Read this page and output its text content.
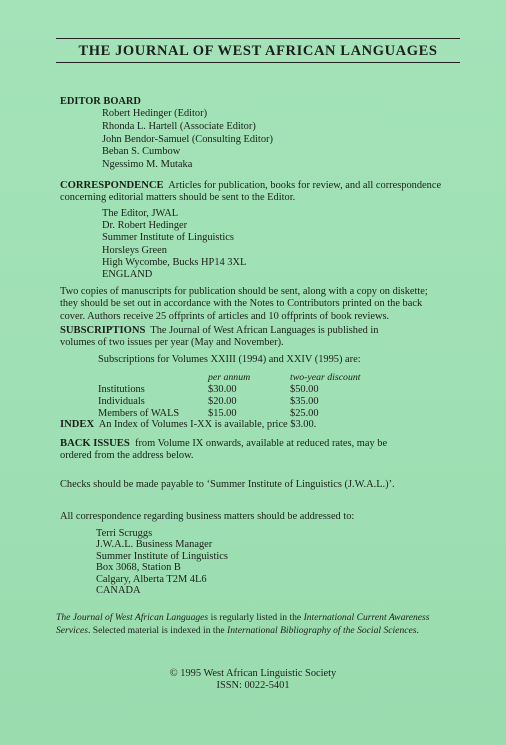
THE JOURNAL OF WEST AFRICAN LANGUAGES
EDITOR BOARD
Robert Hedinger (Editor)
Rhonda L. Hartell (Associate Editor)
John Bendor-Samuel (Consulting Editor)
Beban S. Cumbow
Ngessimo M. Mutaka
CORRESPONDENCE Articles for publication, books for review, and all correspondence
concerning editorial matters should be sent to the Editor.
The Editor, JWAL
Dr. Robert Hedinger
Summer Institute of Linguistics
Horsleys Green
High Wycombe, Bucks HP14 3XL
ENGLAND
Two copies of manuscripts for publication should be sent, along with a copy on diskette;
they should be set out in accordance with the Notes to Contributors printed on the back
cover. Authors receive 25 offprints of articles and 10 offprints of book reviews.
SUBSCRIPTIONS The Journal of West African Languages is published in
volumes of two issues per year (May and November).
Subscriptions for Volumes XXIII (1994) and XXIV (1995) are:
	per annum	two-year discount
Institutions	$30.00	$50.00
Individuals	$20.00	$35.00
Members of WALS	$15.00	$25.00
INDEX An Index of Volumes I-XX is available, price $3.00.
BACK ISSUES from Volume IX onwards, available at reduced rates, may be
ordered from the address below.
Checks should be made payable to ‘Summer Institute of Linguistics (J.W.A.L.)’.
All correspondence regarding business matters should be addressed to:
Terri Scruggs
J.W.A.L. Business Manager
Summer Institute of Linguistics
Box 3068, Station B
Calgary, Alberta T2M 4L6
CANADA
The Journal of West African Languages is regularly listed in the International Current Awareness Services. Selected material is indexed in the International Bibliography of the Social Sciences.
© 1995 West African Linguistic Society
ISSN: 0022-5401
